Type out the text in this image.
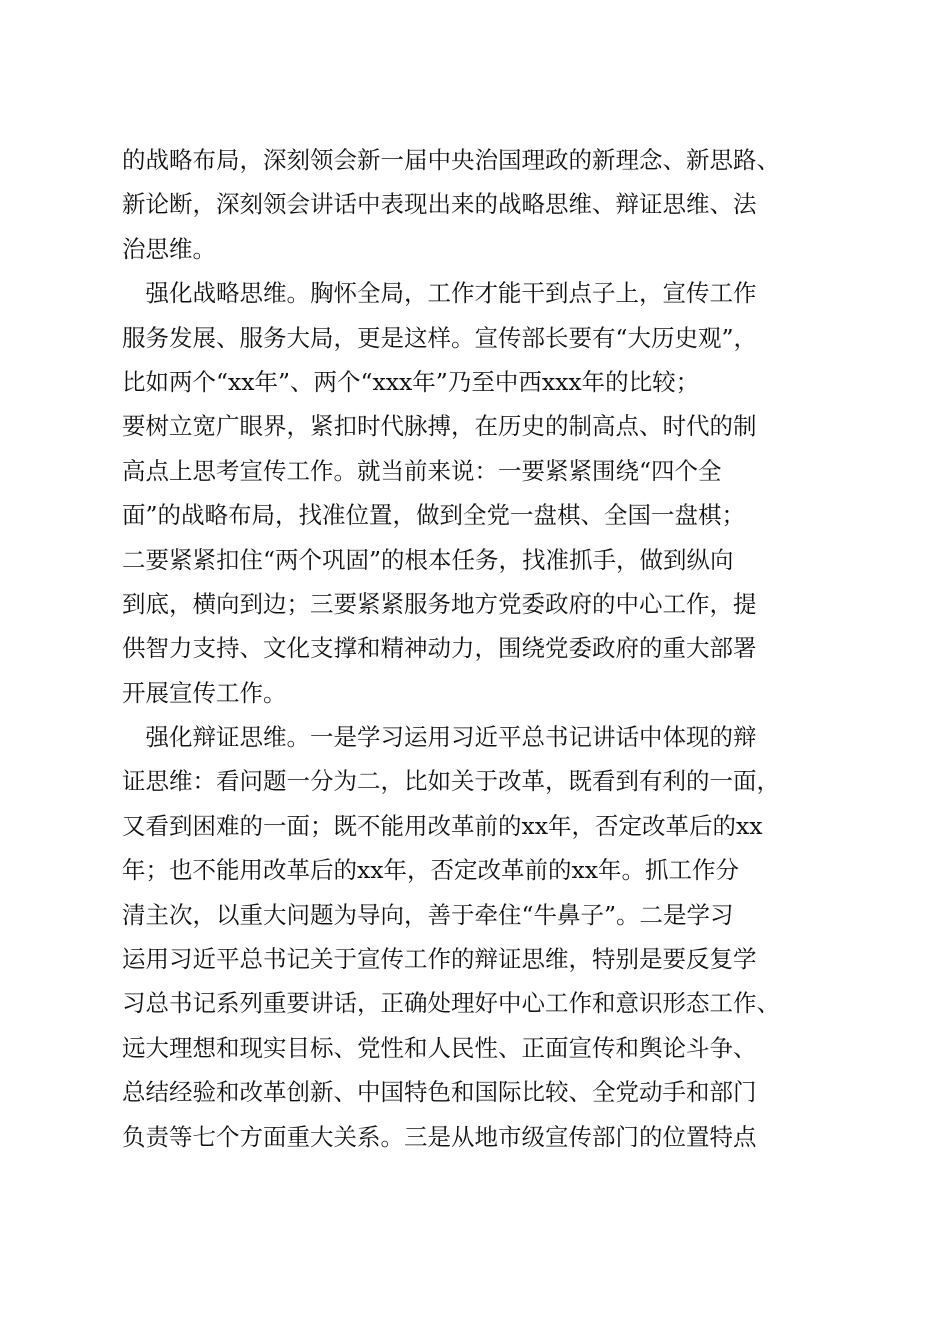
的战略布局，深刻领会新一届中央治国理政的新理念、新思路、
新论断，深刻领会讲话中表现出来的战略思维、辩证思维、法
治思维。
　强化战略思维。胸怀全局，工作才能干到点子上，宣传工作
服务发展、服务大局，更是这样。宣传部长要有“大历史观”，
比如两个“xx年”、两个“xxx年”乃至中西xxx年的比较；
要树立宽广眼界，紧扣时代脉搏，在历史的制高点、时代的制
高点上思考宣传工作。就当前来说：一要紧紧围绕“四个全
面”的战略布局，找准位置，做到全党一盘棋、全国一盘棋；
二要紧紧扣住“两个巩固”的根本任务，找准抓手，做到纵向
到底，横向到边；三要紧紧服务地方党委政府的中心工作，提
供智力支持、文化支撑和精神动力，围绕党委政府的重大部署
开展宣传工作。
　强化辩证思维。一是学习运用习近平总书记讲话中体现的辩
证思维：看问题一分为二，比如关于改革，既看到有利的一面，
又看到困难的一面；既不能用改革前的xx年，否定改革后的xx
年；也不能用改革后的xx年，否定改革前的xx年。抓工作分
清主次，以重大问题为导向，善于牵住“牛鼻子”。二是学习
运用习近平总书记关于宣传工作的辩证思维，特别是要反复学
习总书记系列重要讲话，正确处理好中心工作和意识形态工作、
远大理想和现实目标、党性和人民性、正面宣传和舆论斗争、
总结经验和改革创新、中国特色和国际比较、全党动手和部门
负责等七个方面重大关系。三是从地市级宣传部门的位置特点
